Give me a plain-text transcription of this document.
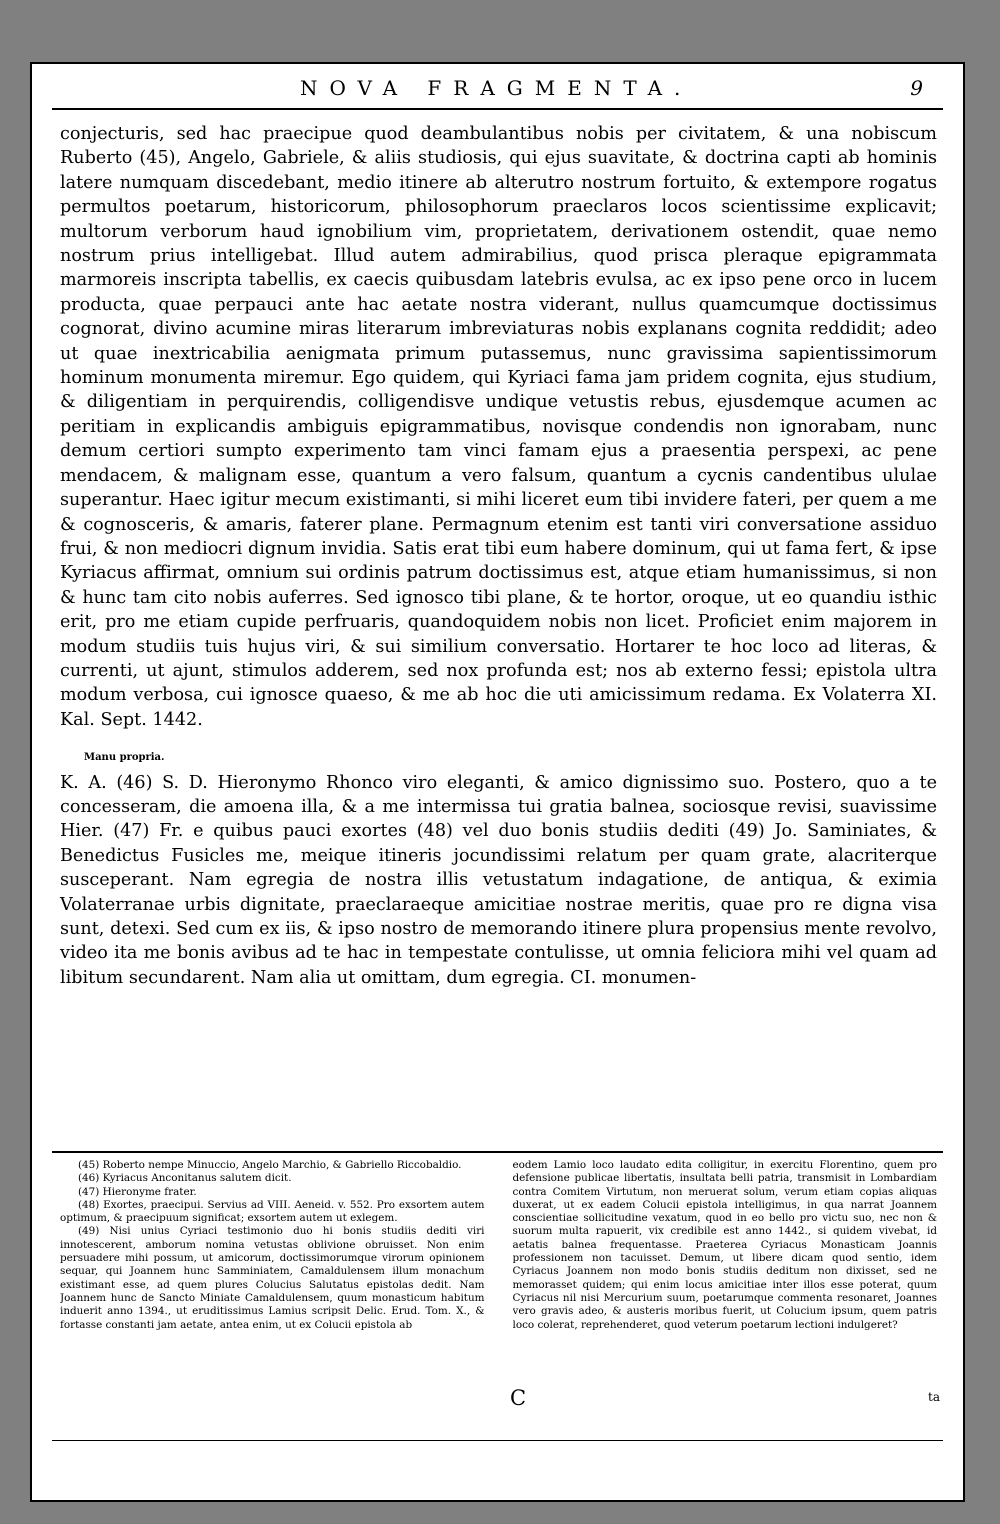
NOVA FRAGMENTA.	9

conjecturis, sed hac praecipue quod deambulantibus nobis per civitatem, & una nobiscum Ruberto (45), Angelo, Gabriele, & aliis studiosis, qui ejus suavitate, & doctrina capti ab hominis latere numquam discedebant, medio itinere ab alterutro nostrum fortuito, & extempore rogatus permultos poetarum, historicorum, philosophorum praeclaros locos scientissime explicavit; multorum verborum haud ignobilium vim, proprietatem, derivationem ostendit, quae nemo nostrum prius intelligebat. Illud autem admirabilius, quod prisca pleraque epigrammata marmoreis inscripta tabellis, ex caecis quibusdam latebris evulsa, ac ex ipso pene orco in lucem producta, quae perpauci ante hac aetate nostra viderant, nullus quamcumque doctissimus cognorat, divino acumine miras literarum imbreviaturas nobis explanans cognita reddidit; adeo ut quae inextricabilia aenigmata primum putassemus, nunc gravissima sapientissimorum hominum monumenta miremur. Ego quidem, qui Kyriaci fama jam pridem cognita, ejus studium, & diligentiam in perquirendis, colligendisve undique vetustis rebus, ejusdemque acumen ac peritiam in explicandis ambiguis epigrammatibus, novisque condendis non ignorabam, nunc demum certiori sumpto experimento tam vinci famam ejus a praesentia perspexi, ac pene mendacem, & malignam esse, quantum a vero falsum, quantum a cycnis candentibus ululae superantur. Haec igitur mecum existimanti, si mihi liceret eum tibi invidere fateri, per quem a me & cognosceris, & amaris, faterer plane. Permagnum etenim est tanti viri conversatione assiduo frui, & non mediocri dignum invidia. Satis erat tibi eum habere dominum, qui ut fama fert, & ipse Kyriacus affirmat, omnium sui ordinis patrum doctissimus est, atque etiam humanissimus, si non & hunc tam cito nobis auferres. Sed ignosco tibi plane, & te hortor, oroque, ut eo quandiu isthic erit, pro me etiam cupide perfruaris, quandoquidem nobis non licet. Proficiet enim majorem in modum studiis tuis hujus viri, & sui similium conversatio. Hortarer te hoc loco ad literas, & currenti, ut ajunt, stimulos adderem, sed nox profunda est; nos ab externo fessi; epistola ultra modum verbosa, cui ignosce quaeso, & me ab hoc die uti amicissimum redama. Ex Volaterra XI. Kal. Sept. 1442.

Manu propria.

K. A. (46) S. D. Hieronymo Rhonco viro eleganti, & amico dignissimo suo. Postero, quo a te concesseram, die amoena illa, & a me intermissa tui gratia balnea, sociosque revisi, suavissime Hier. (47) Fr. e quibus pauci exortes (48) vel duo bonis studiis dediti (49) Jo. Saminiates, & Benedictus Fusicles me, meique itineris jocundissimi relatum per quam grate, alacriterque susceperant. Nam egregia de nostra illis vetustatum indagatione, de antiqua, & eximia Volaterranae urbis dignitate, praeclaraeque amicitiae nostrae meritis, quae pro re digna visa sunt, detexi. Sed cum ex iis, & ipso nostro de memorando itinere plura propensius mente revolvo, video ita me bonis avibus ad te hac in tempestate contulisse, ut omnia feliciora mihi vel quam ad libitum secundarent. Nam alia ut omittam, dum egregia. CI. monumen-

(45) Roberto nempe Minuccio, Angelo Marchio, & Gabriello Riccobaldio.

(46) Kyriacus Anconitanus salutem dicit.

(47) Hieronyme frater.

(48) Exortes, praecipui. Servius ad VIII. Aeneid. v. 552. Pro exsortem autem optimum, & praecipuum significat; exsortem autem ut exlegem.

(49) Nisi unius Cyriaci testimonio duo hi bonis studiis dediti viri innotescerent, amborum nomina vetustas oblivione obruisset. Non enim persuadere mihi possum, ut amicorum, doctissimorumque virorum opinionem sequar, qui Joannem hunc Samminiatem, Camaldulensem illum monachum existimant esse, ad quem plures Colucius Salutatus epistolas dedit. Nam Joannem hunc de Sancto Miniate Camaldulensem, quum monasticum habitum induerit anno 1394., ut eruditissimus Lamius scripsit Delic. Erud. Tom. X., & fortasse constanti jam aetate, antea enim, ut ex Colucii epistola ab

eodem Lamio loco laudato edita colligitur, in exercitu Florentino, quem pro defensione publicae libertatis, insultata belli patria, transmisit in Lombardiam contra Comitem Virtutum, non meruerat solum, verum etiam copias aliquas duxerat, ut ex eadem Colucii epistola intelligimus, in qua narrat Joannem conscientiae sollicitudine vexatum, quod in eo bello pro victu suo, nec non & suorum multa rapuerit, vix credibile est anno 1442., si quidem vivebat, id aetatis balnea frequentasse. Praeterea Cyriacus Monasticam Joannis professionem non tacuisset. Demum, ut libere dicam quod sentio, idem Cyriacus Joannem non modo bonis studiis deditum non dixisset, sed ne memorasset quidem; qui enim locus amicitiae inter illos esse poterat, quum Cyriacus nil nisi Mercurium suum, poetarumque commenta resonaret, Joannes vero gravis adeo, & austeris moribus fuerit, ut Colucium ipsum, quem patris loco colerat, reprehenderet, quod veterum poetarum lectioni indulgeret?

C	ta
